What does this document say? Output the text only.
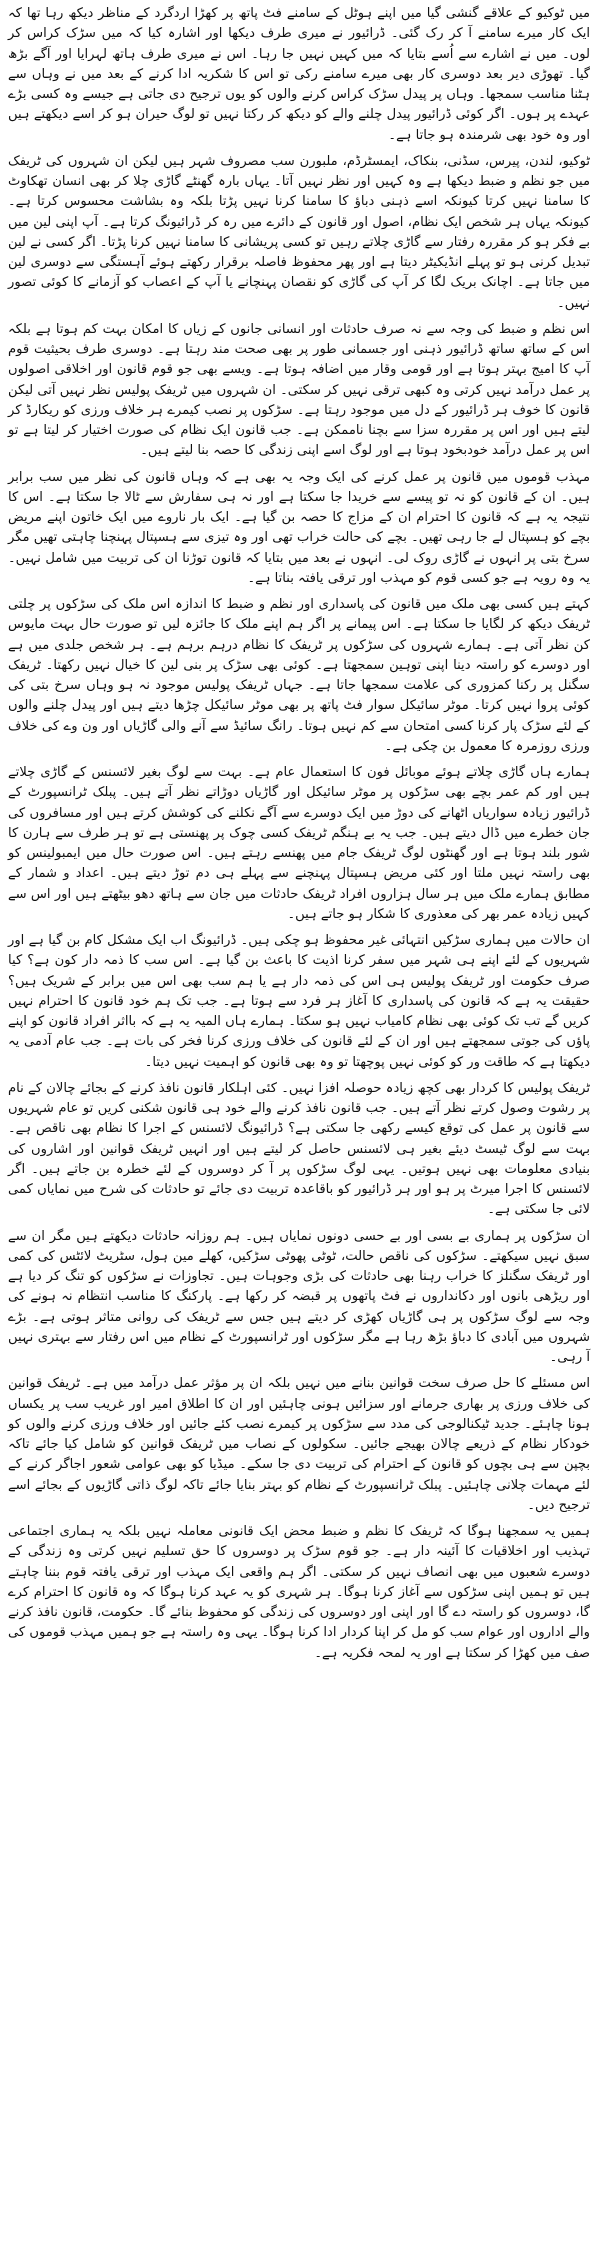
میں ٹوکیو کے علاقے گنشی گیا میں اپنے ہوٹل کے سامنے فٹ پاتھ پر کھڑا اردگرد کے مناظر دیکھ رہا تھا کہ ایک کار میرے سامنے آ کر رک گئی۔ ڈرائیور نے میری طرف دیکھا اور اشارہ کیا کہ میں سڑک کراس کر لوں۔ میں نے اشارے سے اُسے بتایا کہ میں کہیں نہیں جا رہا۔ اس نے میری طرف ہاتھ لہرایا اور آگے بڑھ گیا۔ تھوڑی دیر بعد دوسری کار بھی میرے سامنے رکی تو اس کا شکریہ ادا کرنے کے بعد میں نے وہاں سے ہٹنا مناسب سمجھا۔ وہاں پر پیدل سڑک کراس کرنے والوں کو یوں ترجیح دی جاتی ہے جیسے وہ کسی بڑے عہدے پر ہوں۔ اگر کوئی ڈرائیور پیدل چلنے والے کو دیکھ کر رکتا نہیں تو لوگ حیران ہو کر اسے دیکھتے ہیں اور وہ خود بھی شرمندہ ہو جاتا ہے۔

ٹوکیو، لندن، پیرس، سڈنی، بنکاک، ایمسٹرڈم، ملبورن سب مصروف شہر ہیں لیکن ان شہروں کی ٹریفک میں جو نظم و ضبط دیکھا ہے وہ کہیں اور نظر نہیں آتا۔ یہاں بارہ گھنٹے گاڑی چلا کر بھی انسان تھکاوٹ کا سامنا نہیں کرتا کیونکہ اسے ذہنی دباؤ کا سامنا کرنا نہیں پڑتا بلکہ وہ بشاشت محسوس کرتا ہے۔ کیونکہ یہاں ہر شخص ایک نظام، اصول اور قانون کے دائرے میں رہ کر ڈرائیونگ کرتا ہے۔ آپ اپنی لین میں بے فکر ہو کر مقررہ رفتار سے گاڑی چلاتے رہیں تو کسی پریشانی کا سامنا نہیں کرنا پڑتا۔ اگر کسی نے لین تبدیل کرنی ہو تو پہلے انڈیکیٹر دیتا ہے اور پھر محفوظ فاصلہ برقرار رکھتے ہوئے آہستگی سے دوسری لین میں جاتا ہے۔ اچانک بریک لگا کر آپ کی گاڑی کو نقصان پہنچانے یا آپ کے اعصاب کو آزمانے کا کوئی تصور نہیں۔

اس نظم و ضبط کی وجہ سے نہ صرف حادثات اور انسانی جانوں کے زیاں کا امکان بہت کم ہوتا ہے بلکہ اس کے ساتھ ساتھ ڈرائیور ذہنی اور جسمانی طور پر بھی صحت مند رہتا ہے۔ دوسری طرف بحیثیت قوم آپ کا امیج بہتر ہوتا ہے اور قومی وقار میں اضافہ ہوتا ہے۔ ویسے بھی جو قوم قانون اور اخلاقی اصولوں پر عمل درآمد نہیں کرتی وہ کبھی ترقی نہیں کر سکتی۔ ان شہروں میں ٹریفک پولیس نظر نہیں آتی لیکن قانون کا خوف ہر ڈرائیور کے دل میں موجود رہتا ہے۔ سڑکوں پر نصب کیمرے ہر خلاف ورزی کو ریکارڈ کر لیتے ہیں اور اس پر مقررہ سزا سے بچنا ناممکن ہے۔ جب قانون ایک نظام کی صورت اختیار کر لیتا ہے تو اس پر عمل درآمد خودبخود ہوتا ہے اور لوگ اسے اپنی زندگی کا حصہ بنا لیتے ہیں۔

مہذب قوموں میں قانون پر عمل کرنے کی ایک وجہ یہ بھی ہے کہ وہاں قانون کی نظر میں سب برابر ہیں۔ ان کے قانون کو نہ تو پیسے سے خریدا جا سکتا ہے اور نہ ہی سفارش سے ٹالا جا سکتا ہے۔ اس کا نتیجہ یہ ہے کہ قانون کا احترام ان کے مزاج کا حصہ بن گیا ہے۔ ایک بار ناروے میں ایک خاتون اپنے مریض بچے کو ہسپتال لے جا رہی تھیں۔ بچے کی حالت خراب تھی اور وہ تیزی سے ہسپتال پہنچنا چاہتی تھیں مگر سرخ بتی پر انہوں نے گاڑی روک لی۔ انہوں نے بعد میں بتایا کہ قانون توڑنا ان کی تربیت میں شامل نہیں۔ یہ وہ رویہ ہے جو کسی قوم کو مہذب اور ترقی یافتہ بناتا ہے۔

کہتے ہیں کسی بھی ملک میں قانون کی پاسداری اور نظم و ضبط کا اندازہ اس ملک کی سڑکوں پر چلتی ٹریفک دیکھ کر لگایا جا سکتا ہے۔ اس پیمانے پر اگر ہم اپنے ملک کا جائزہ لیں تو صورت حال بہت مایوس کن نظر آتی ہے۔ ہمارے شہروں کی سڑکوں پر ٹریفک کا نظام درہم برہم ہے۔ ہر شخص جلدی میں ہے اور دوسرے کو راستہ دینا اپنی توہین سمجھتا ہے۔ کوئی بھی سڑک پر بنی لین کا خیال نہیں رکھتا۔ ٹریفک سگنل پر رکنا کمزوری کی علامت سمجھا جاتا ہے۔ جہاں ٹریفک پولیس موجود نہ ہو وہاں سرخ بتی کی کوئی پروا نہیں کرتا۔ موٹر سائیکل سوار فٹ پاتھ پر بھی موٹر سائیکل چڑھا دیتے ہیں اور پیدل چلنے والوں کے لئے سڑک پار کرنا کسی امتحان سے کم نہیں ہوتا۔ رانگ سائیڈ سے آنے والی گاڑیاں اور ون وے کی خلاف ورزی روزمرہ کا معمول بن چکی ہے۔

ہمارے ہاں گاڑی چلاتے ہوئے موبائل فون کا استعمال عام ہے۔ بہت سے لوگ بغیر لائسنس کے گاڑی چلاتے ہیں اور کم عمر بچے بھی سڑکوں پر موٹر سائیکل اور گاڑیاں دوڑاتے نظر آتے ہیں۔ پبلک ٹرانسپورٹ کے ڈرائیور زیادہ سواریاں اٹھانے کی دوڑ میں ایک دوسرے سے آگے نکلنے کی کوشش کرتے ہیں اور مسافروں کی جان خطرے میں ڈال دیتے ہیں۔ جب یہ بے ہنگم ٹریفک کسی چوک پر پھنستی ہے تو ہر طرف سے ہارن کا شور بلند ہوتا ہے اور گھنٹوں لوگ ٹریفک جام میں پھنسے رہتے ہیں۔ اس صورت حال میں ایمبولینس کو بھی راستہ نہیں ملتا اور کئی مریض ہسپتال پہنچنے سے پہلے ہی دم توڑ دیتے ہیں۔ اعداد و شمار کے مطابق ہمارے ملک میں ہر سال ہزاروں افراد ٹریفک حادثات میں جان سے ہاتھ دھو بیٹھتے ہیں اور اس سے کہیں زیادہ عمر بھر کی معذوری کا شکار ہو جاتے ہیں۔

ان حالات میں ہماری سڑکیں انتہائی غیر محفوظ ہو چکی ہیں۔ ڈرائیونگ اب ایک مشکل کام بن گیا ہے اور شہریوں کے لئے اپنے ہی شہر میں سفر کرنا اذیت کا باعث بن گیا ہے۔ اس سب کا ذمہ دار کون ہے؟ کیا صرف حکومت اور ٹریفک پولیس ہی اس کی ذمہ دار ہے یا ہم سب بھی اس میں برابر کے شریک ہیں؟ حقیقت یہ ہے کہ قانون کی پاسداری کا آغاز ہر فرد سے ہوتا ہے۔ جب تک ہم خود قانون کا احترام نہیں کریں گے تب تک کوئی بھی نظام کامیاب نہیں ہو سکتا۔ ہمارے ہاں المیہ یہ ہے کہ بااثر افراد قانون کو اپنے پاؤں کی جوتی سمجھتے ہیں اور ان کے لئے قانون کی خلاف ورزی کرنا فخر کی بات ہے۔ جب عام آدمی یہ دیکھتا ہے کہ طاقت ور کو کوئی نہیں پوچھتا تو وہ بھی قانون کو اہمیت نہیں دیتا۔

ٹریفک پولیس کا کردار بھی کچھ زیادہ حوصلہ افزا نہیں۔ کئی اہلکار قانون نافذ کرنے کے بجائے چالان کے نام پر رشوت وصول کرتے نظر آتے ہیں۔ جب قانون نافذ کرنے والے خود ہی قانون شکنی کریں تو عام شہریوں سے قانون پر عمل کی توقع کیسے رکھی جا سکتی ہے؟ ڈرائیونگ لائسنس کے اجرا کا نظام بھی ناقص ہے۔ بہت سے لوگ ٹیسٹ دیئے بغیر ہی لائسنس حاصل کر لیتے ہیں اور انہیں ٹریفک قوانین اور اشاروں کی بنیادی معلومات بھی نہیں ہوتیں۔ یہی لوگ سڑکوں پر آ کر دوسروں کے لئے خطرہ بن جاتے ہیں۔ اگر لائسنس کا اجرا میرٹ پر ہو اور ہر ڈرائیور کو باقاعدہ تربیت دی جائے تو حادثات کی شرح میں نمایاں کمی لائی جا سکتی ہے۔

ان سڑکوں پر ہماری بے بسی اور بے حسی دونوں نمایاں ہیں۔ ہم روزانہ حادثات دیکھتے ہیں مگر ان سے سبق نہیں سیکھتے۔ سڑکوں کی ناقص حالت، ٹوٹی پھوٹی سڑکیں، کھلے مین ہول، سٹریٹ لائٹس کی کمی اور ٹریفک سگنلز کا خراب رہنا بھی حادثات کی بڑی وجوہات ہیں۔ تجاوزات نے سڑکوں کو تنگ کر دیا ہے اور ریڑھی بانوں اور دکانداروں نے فٹ پاتھوں پر قبضہ کر رکھا ہے۔ پارکنگ کا مناسب انتظام نہ ہونے کی وجہ سے لوگ سڑکوں پر ہی گاڑیاں کھڑی کر دیتے ہیں جس سے ٹریفک کی روانی متاثر ہوتی ہے۔ بڑے شہروں میں آبادی کا دباؤ بڑھ رہا ہے مگر سڑکوں اور ٹرانسپورٹ کے نظام میں اس رفتار سے بہتری نہیں آ رہی۔

اس مسئلے کا حل صرف سخت قوانین بنانے میں نہیں بلکہ ان پر مؤثر عمل درآمد میں ہے۔ ٹریفک قوانین کی خلاف ورزی پر بھاری جرمانے اور سزائیں ہونی چاہئیں اور ان کا اطلاق امیر اور غریب سب پر یکساں ہونا چاہئے۔ جدید ٹیکنالوجی کی مدد سے سڑکوں پر کیمرے نصب کئے جائیں اور خلاف ورزی کرنے والوں کو خودکار نظام کے ذریعے چالان بھیجے جائیں۔ سکولوں کے نصاب میں ٹریفک قوانین کو شامل کیا جائے تاکہ بچپن سے ہی بچوں کو قانون کے احترام کی تربیت دی جا سکے۔ میڈیا کو بھی عوامی شعور اجاگر کرنے کے لئے مہمات چلانی چاہئیں۔ پبلک ٹرانسپورٹ کے نظام کو بہتر بنایا جائے تاکہ لوگ ذاتی گاڑیوں کے بجائے اسے ترجیح دیں۔

ہمیں یہ سمجھنا ہوگا کہ ٹریفک کا نظم و ضبط محض ایک قانونی معاملہ نہیں بلکہ یہ ہماری اجتماعی تہذیب اور اخلاقیات کا آئینہ دار ہے۔ جو قوم سڑک پر دوسروں کا حق تسلیم نہیں کرتی وہ زندگی کے دوسرے شعبوں میں بھی انصاف نہیں کر سکتی۔ اگر ہم واقعی ایک مہذب اور ترقی یافتہ قوم بننا چاہتے ہیں تو ہمیں اپنی سڑکوں سے آغاز کرنا ہوگا۔ ہر شہری کو یہ عہد کرنا ہوگا کہ وہ قانون کا احترام کرے گا، دوسروں کو راستہ دے گا اور اپنی اور دوسروں کی زندگی کو محفوظ بنائے گا۔ حکومت، قانون نافذ کرنے والے اداروں اور عوام سب کو مل کر اپنا کردار ادا کرنا ہوگا۔ یہی وہ راستہ ہے جو ہمیں مہذب قوموں کی صف میں کھڑا کر سکتا ہے اور یہ لمحہ فکریہ ہے۔
